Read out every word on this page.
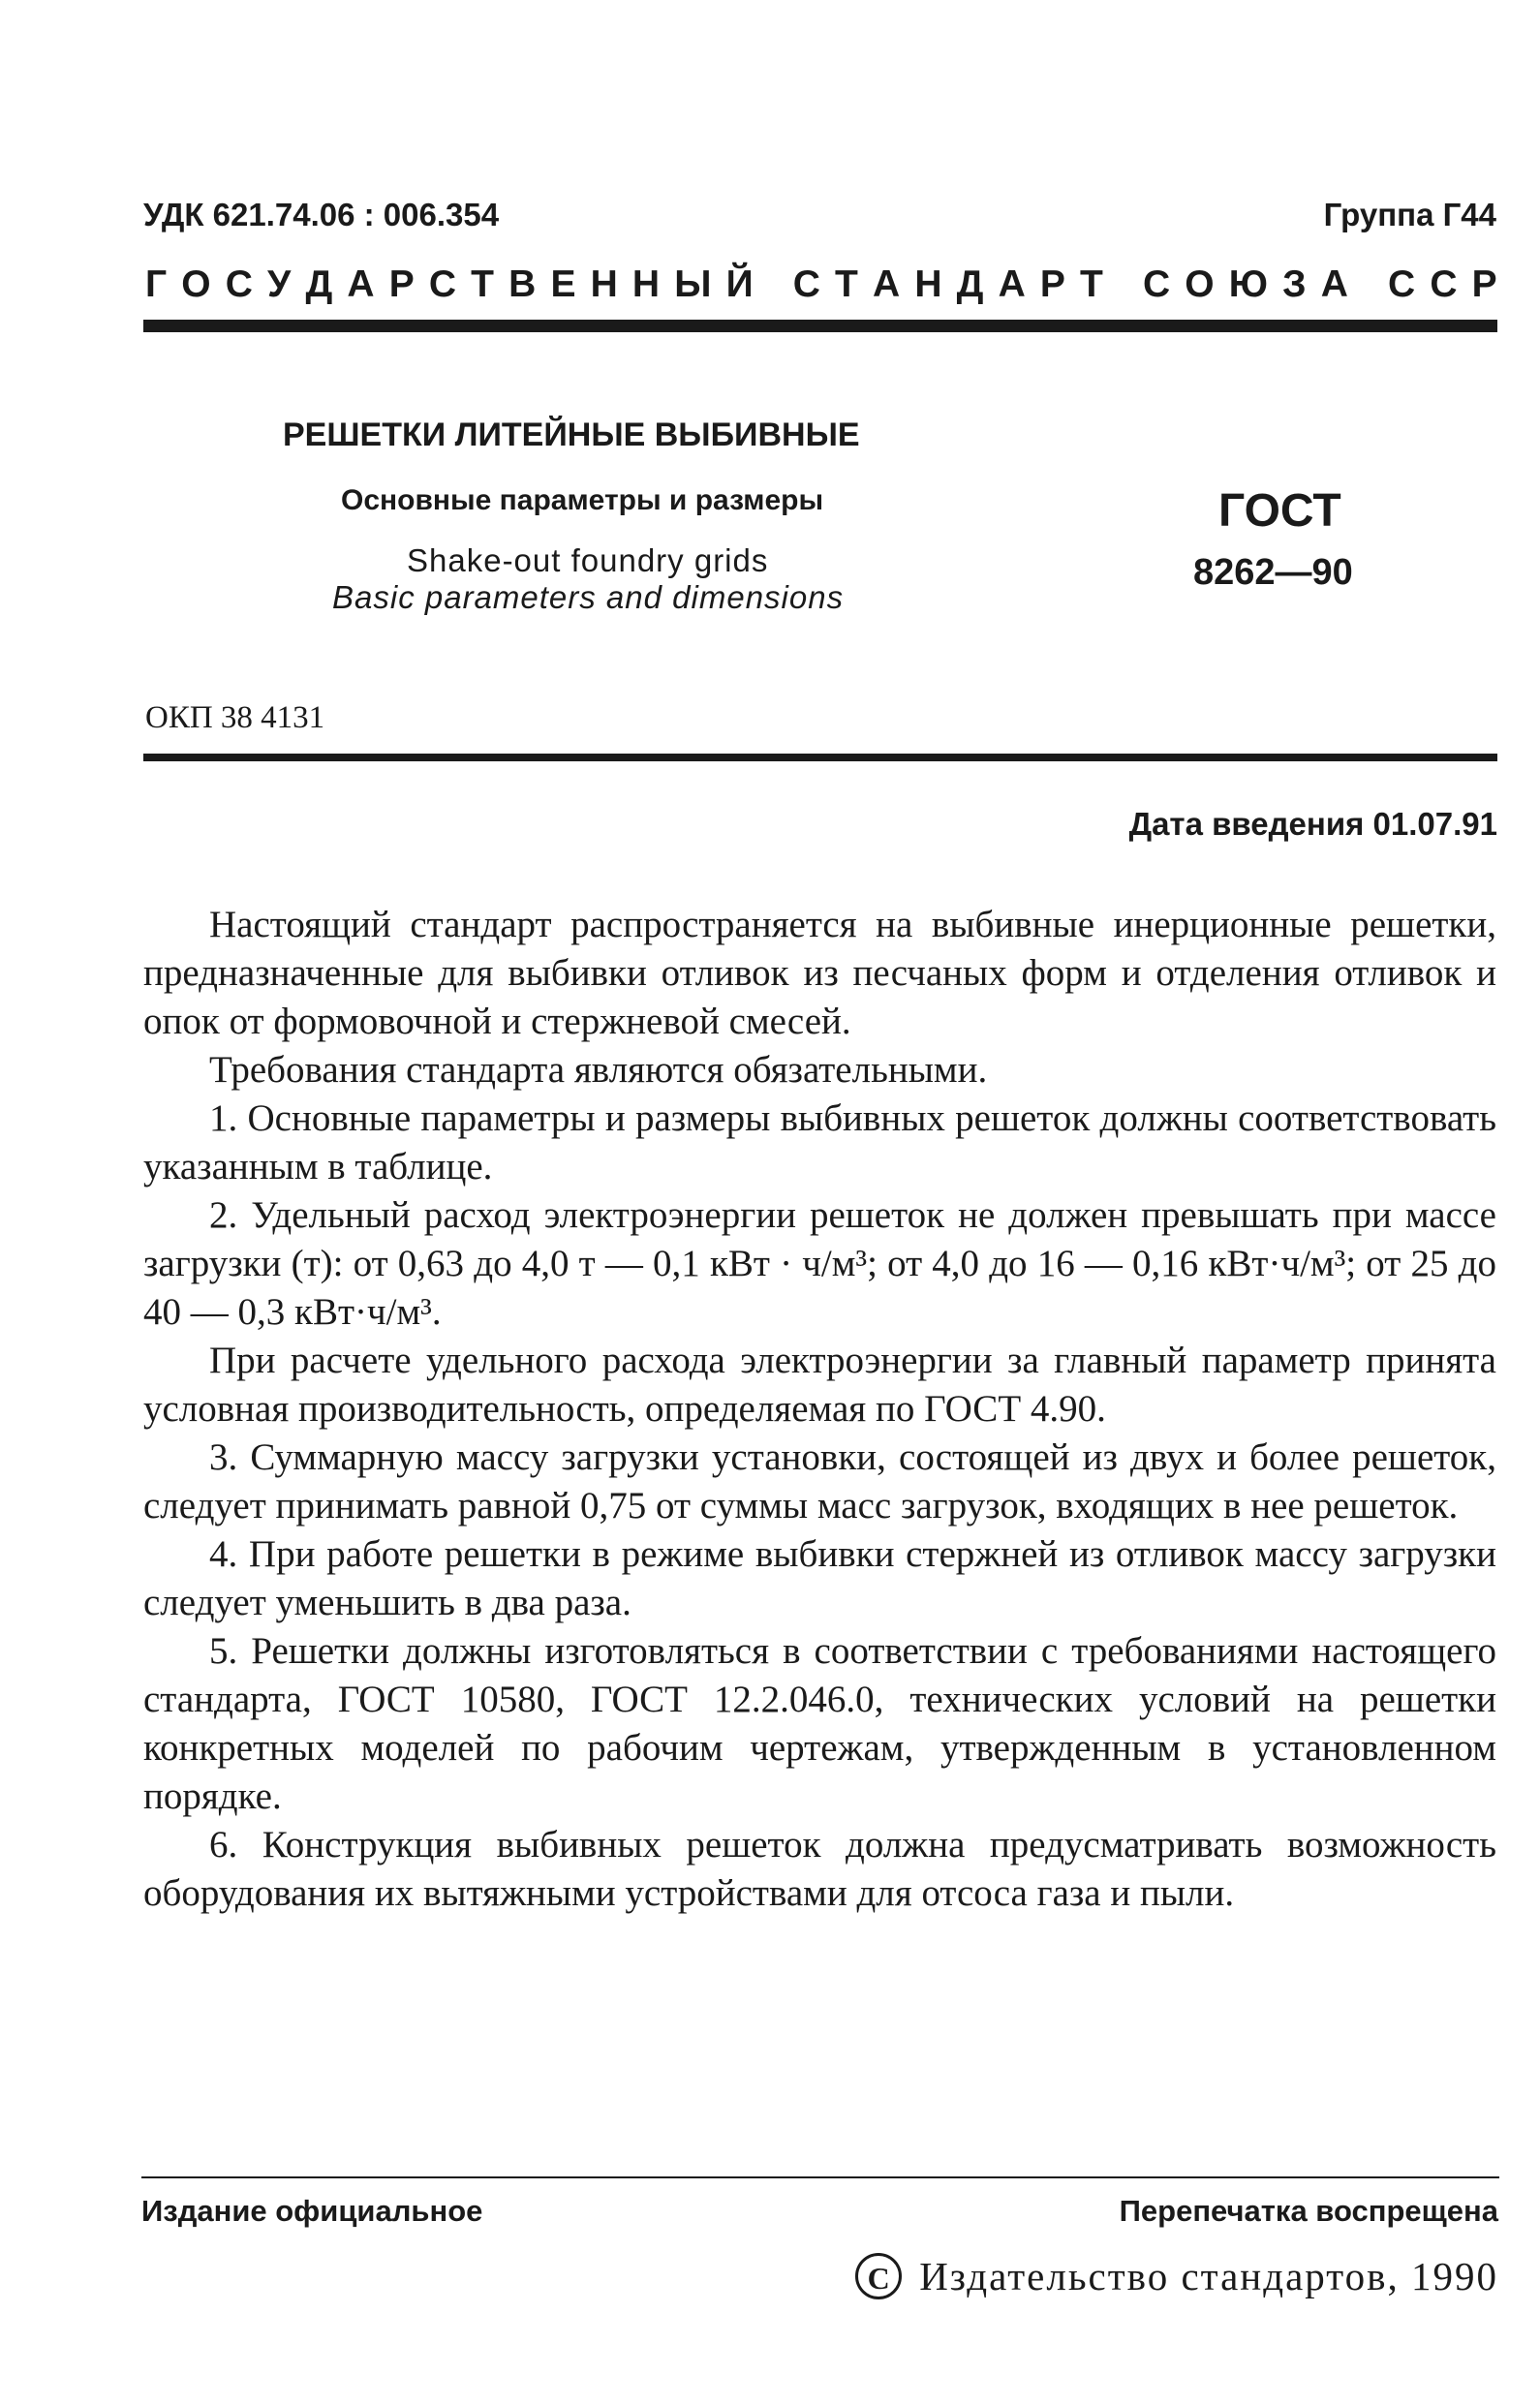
УДК 621.74.06 : 006.354	Группа Г44
Г О С У Д А Р С Т В Е Н Н Ы Й
С Т А Н Д А Р Т
С О Ю З А
С С Р
РЕШЕТКИ ЛИТЕЙНЫЕ ВЫБИВНЫЕ
Основные параметры и размеры
Shake-out foundry grids
Basic parameters and dimensions
ГОСТ
8262—90
ОКП 38 4131
Дата введения 01.07.91

Настоящий стандарт распространяется на выбивные инерционные решетки, предназначенные для выбивки отливок из песчаных форм и отделения отливок и опок от формовочной и стержневой смесей.

Требования стандарта являются обязательными.

1. Основные параметры и размеры выбивных решеток должны соответствовать указанным в таблице.

2. Удельный расход электроэнергии решеток не должен превышать при массе загрузки (т): от 0,63 до 4,0 т — 0,1 кВт · ч/м³; от 4,0 до 16 — 0,16 кВт·ч/м³; от 25 до 40 — 0,3 кВт·ч/м³.

При расчете удельного расхода электроэнергии за главный параметр принята условная производительность, определяемая по ГОСТ 4.90.

3. Суммарную массу загрузки установки, состоящей из двух и более решеток, следует принимать равной 0,75 от суммы масс загрузок, входящих в нее решеток.

4. При работе решетки в режиме выбивки стержней из отливок массу загрузки следует уменьшить в два раза.

5. Решетки должны изготовляться в соответствии с требованиями настоящего стандарта, ГОСТ 10580, ГОСТ 12.2.046.0, технических условий на решетки конкретных моделей по рабочим чертежам, утвержденным в установленном порядке.

6. Конструкция выбивных решеток должна предусматривать возможность оборудования их вытяжными устройствами для отсоса газа и пыли.

Издание официальное	Перепечатка воспрещена
C Издательство стандартов, 1990
